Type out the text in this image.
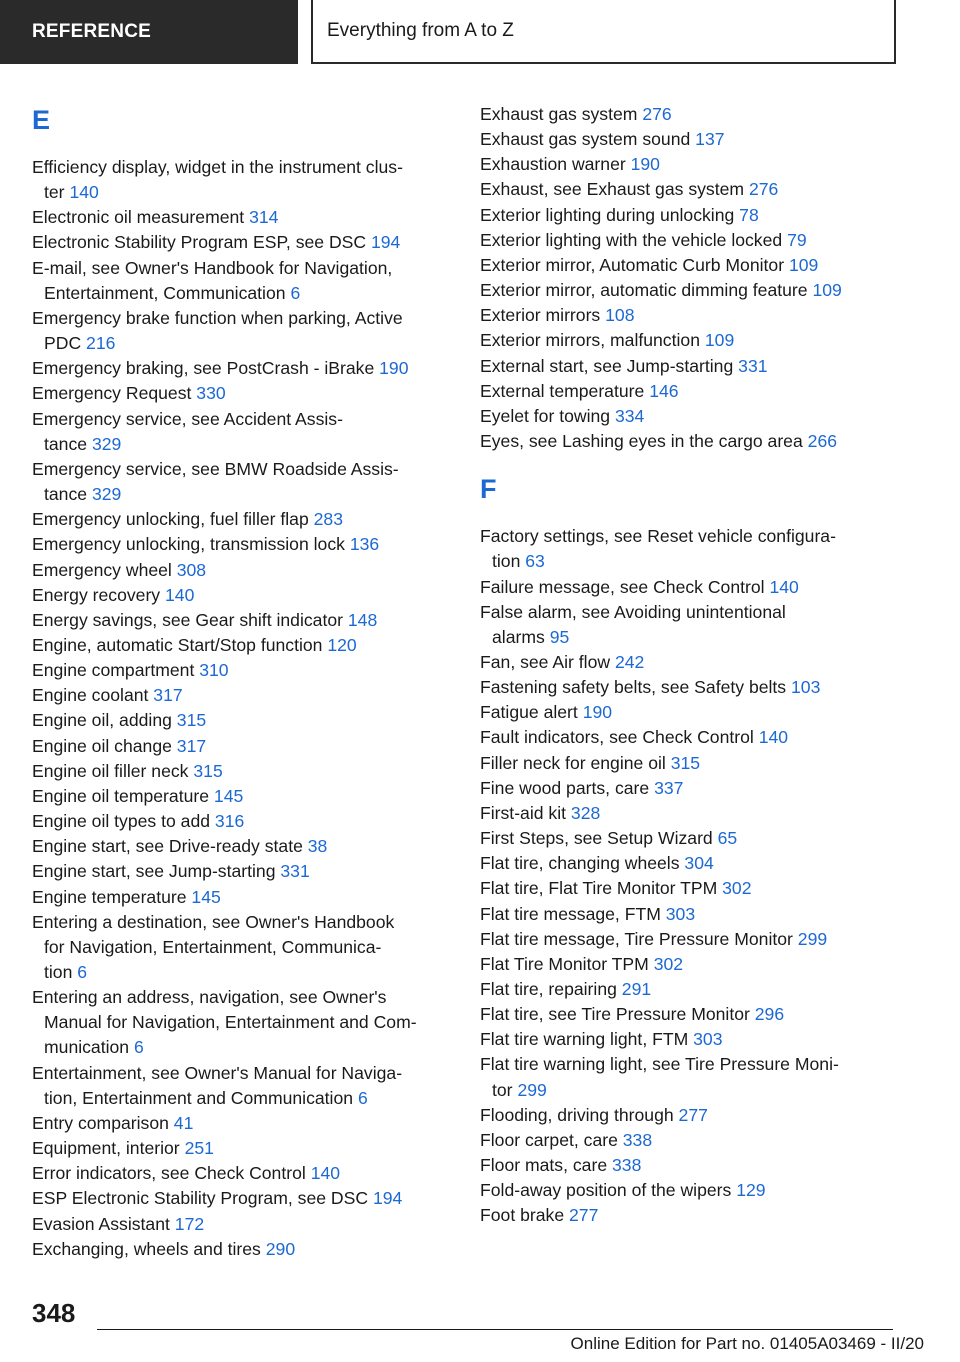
REFERENCE	Everything from A to Z
E
Efficiency display, widget in the instrument clus-
ter 140
Electronic oil measurement 314
Electronic Stability Program ESP, see DSC 194
E-mail, see Owner's Handbook for Navigation,
Entertainment, Communication 6
Emergency brake function when parking, Active
PDC 216
Emergency braking, see PostCrash - iBrake 190
Emergency Request 330
Emergency service, see Accident Assis-
tance 329
Emergency service, see BMW Roadside Assis-
tance 329
Emergency unlocking, fuel filler flap 283
Emergency unlocking, transmission lock 136
Emergency wheel 308
Energy recovery 140
Energy savings, see Gear shift indicator 148
Engine, automatic Start/Stop function 120
Engine compartment 310
Engine coolant 317
Engine oil, adding 315
Engine oil change 317
Engine oil filler neck 315
Engine oil temperature 145
Engine oil types to add 316
Engine start, see Drive-ready state 38
Engine start, see Jump-starting 331
Engine temperature 145
Entering a destination, see Owner's Handbook
for Navigation, Entertainment, Communica-
tion 6
Entering an address, navigation, see Owner's
Manual for Navigation, Entertainment and Com-
munication 6
Entertainment, see Owner's Manual for Naviga-
tion, Entertainment and Communication 6
Entry comparison 41
Equipment, interior 251
Error indicators, see Check Control 140
ESP Electronic Stability Program, see DSC 194
Evasion Assistant 172
Exchanging, wheels and tires 290
Exhaust gas system 276
Exhaust gas system sound 137
Exhaustion warner 190
Exhaust, see Exhaust gas system 276
Exterior lighting during unlocking 78
Exterior lighting with the vehicle locked 79
Exterior mirror, Automatic Curb Monitor 109
Exterior mirror, automatic dimming feature 109
Exterior mirrors 108
Exterior mirrors, malfunction 109
External start, see Jump-starting 331
External temperature 146
Eyelet for towing 334
Eyes, see Lashing eyes in the cargo area 266
F
Factory settings, see Reset vehicle configura-
tion 63
Failure message, see Check Control 140
False alarm, see Avoiding unintentional
alarms 95
Fan, see Air flow 242
Fastening safety belts, see Safety belts 103
Fatigue alert 190
Fault indicators, see Check Control 140
Filler neck for engine oil 315
Fine wood parts, care 337
First-aid kit 328
First Steps, see Setup Wizard 65
Flat tire, changing wheels 304
Flat tire, Flat Tire Monitor TPM 302
Flat tire message, FTM 303
Flat tire message, Tire Pressure Monitor 299
Flat Tire Monitor TPM 302
Flat tire, repairing 291
Flat tire, see Tire Pressure Monitor 296
Flat tire warning light, FTM 303
Flat tire warning light, see Tire Pressure Moni-
tor 299
Flooding, driving through 277
Floor carpet, care 338
Floor mats, care 338
Fold-away position of the wipers 129
Foot brake 277
348
Online Edition for Part no. 01405A03469 - II/20
